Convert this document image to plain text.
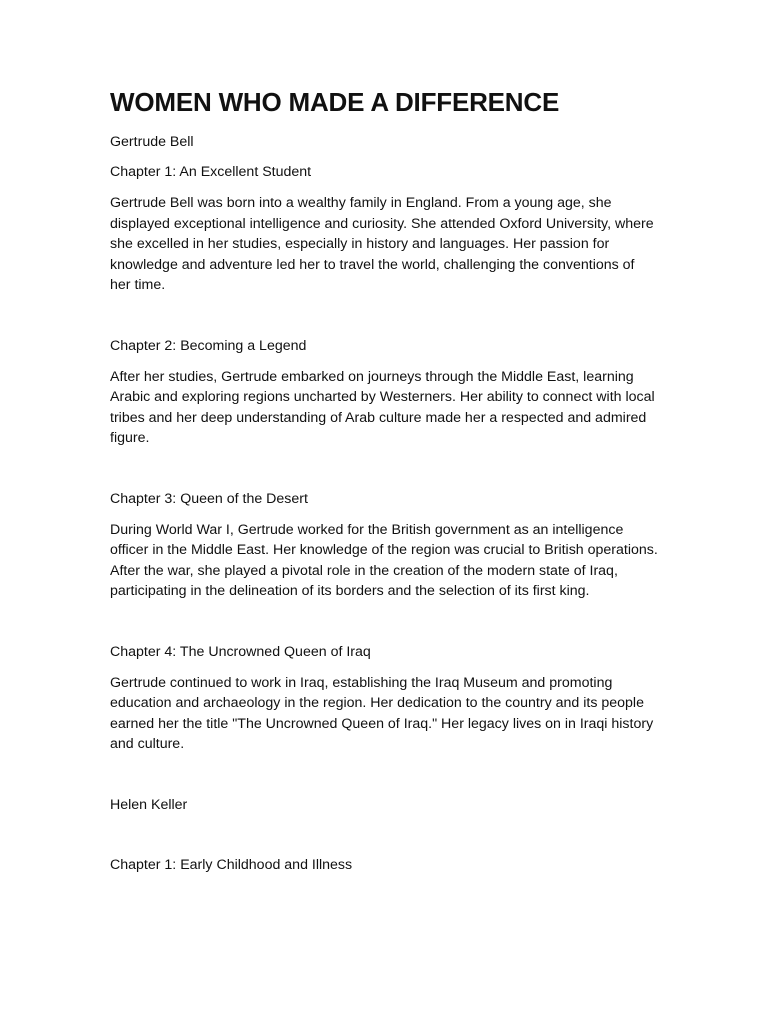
WOMEN WHO MADE A DIFFERENCE

Gertrude Bell

Chapter 1: An Excellent Student

Gertrude Bell was born into a wealthy family in England. From a young age, she displayed exceptional intelligence and curiosity. She attended Oxford University, where she excelled in her studies, especially in history and languages. Her passion for knowledge and adventure led her to travel the world, challenging the conventions of her time.

Chapter 2: Becoming a Legend

After her studies, Gertrude embarked on journeys through the Middle East, learning Arabic and exploring regions uncharted by Westerners. Her ability to connect with local tribes and her deep understanding of Arab culture made her a respected and admired figure.

Chapter 3: Queen of the Desert

During World War I, Gertrude worked for the British government as an intelligence officer in the Middle East. Her knowledge of the region was crucial to British operations. After the war, she played a pivotal role in the creation of the modern state of Iraq, participating in the delineation of its borders and the selection of its first king.

Chapter 4: The Uncrowned Queen of Iraq

Gertrude continued to work in Iraq, establishing the Iraq Museum and promoting education and archaeology in the region. Her dedication to the country and its people earned her the title "The Uncrowned Queen of Iraq." Her legacy lives on in Iraqi history and culture.

Helen Keller

Chapter 1: Early Childhood and Illness
